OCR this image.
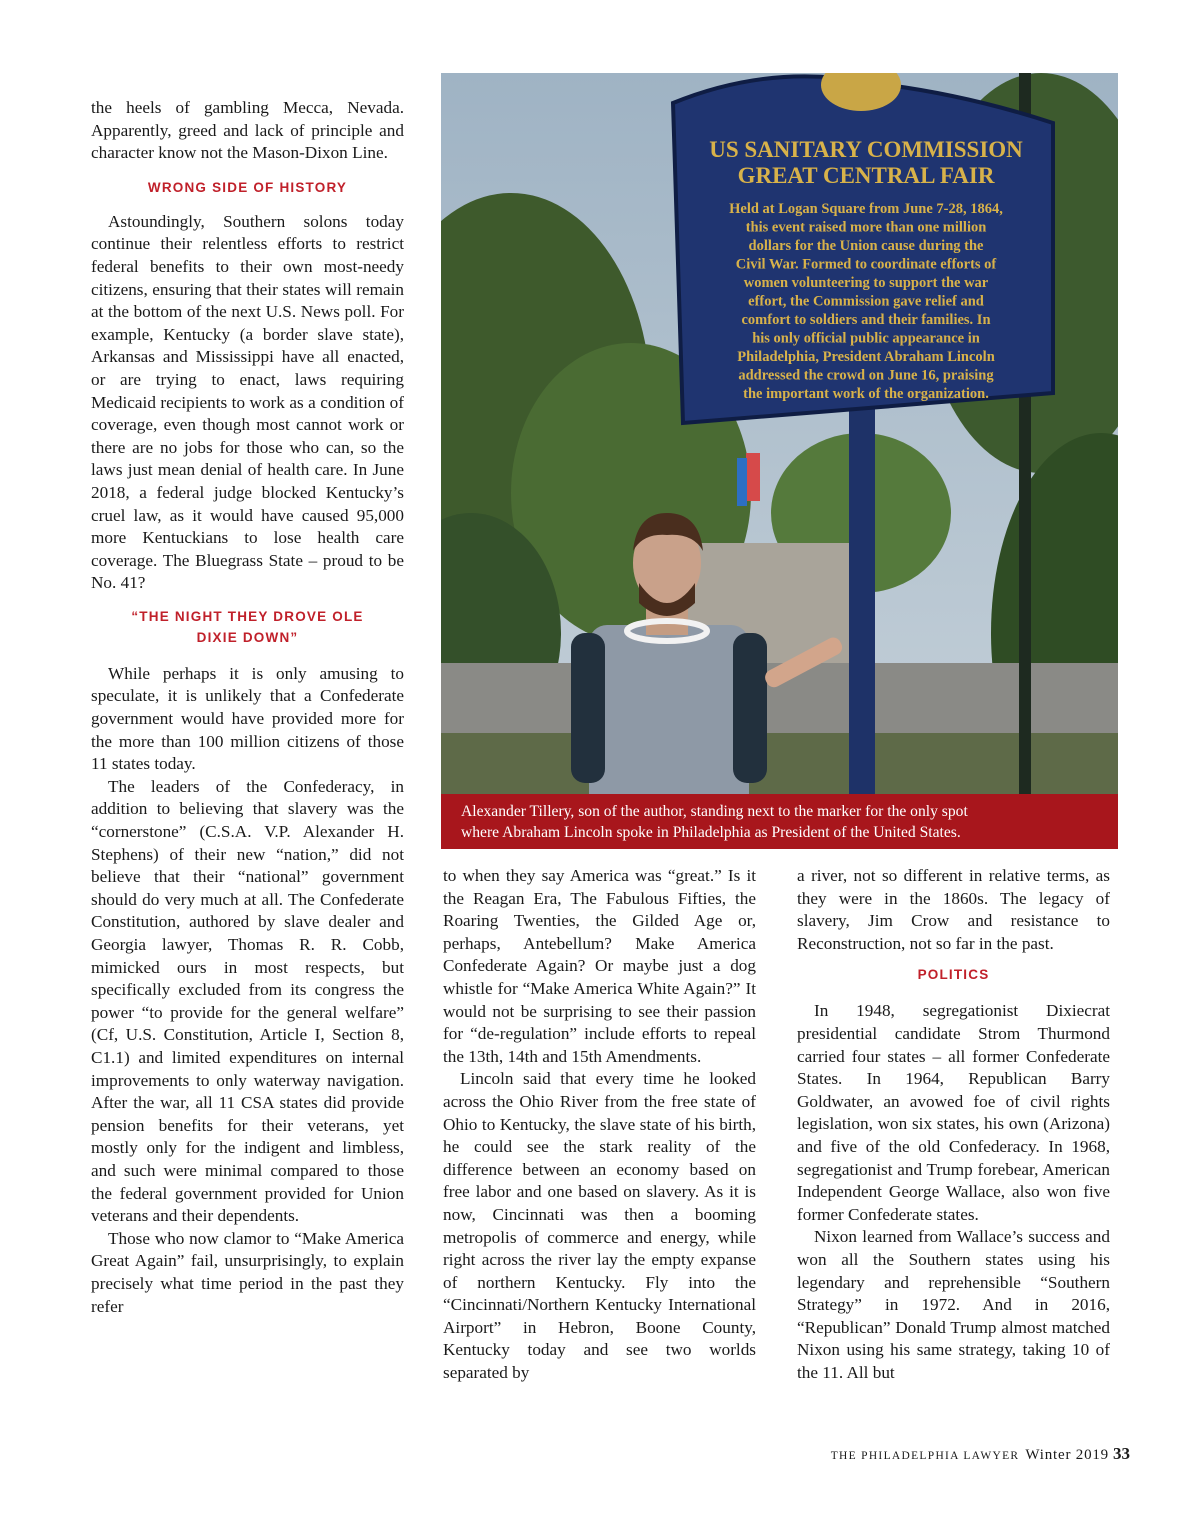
the heels of gambling Mecca, Nevada. Apparently, greed and lack of principle and character know not the Mason-Dixon Line.

WRONG SIDE OF HISTORY

Astoundingly, Southern solons today continue their relentless efforts to restrict federal benefits to their own most-needy citizens, ensuring that their states will remain at the bottom of the next U.S. News poll. For example, Kentucky (a border slave state), Arkansas and Mississippi have all enacted, or are trying to enact, laws requiring Medicaid recipients to work as a condition of coverage, even though most cannot work or there are no jobs for those who can, so the laws just mean denial of health care. In June 2018, a federal judge blocked Kentucky’s cruel law, as it would have caused 95,000 more Kentuckians to lose health care coverage. The Bluegrass State – proud to be No. 41?

“THE NIGHT THEY DROVE OLE DIXIE DOWN”

While perhaps it is only amusing to speculate, it is unlikely that a Confederate government would have provided more for the more than 100 million citizens of those 11 states today.

The leaders of the Confederacy, in addition to believing that slavery was the “cornerstone” (C.S.A. V.P. Alexander H. Stephens) of their new “nation,” did not believe that their “national” government should do very much at all. The Confederate Constitution, authored by slave dealer and Georgia lawyer, Thomas R. R. Cobb, mimicked ours in most respects, but specifically excluded from its congress the power “to provide for the general welfare” (Cf, U.S. Constitution, Article I, Section 8, C1.1) and limited expenditures on internal improvements to only waterway navigation. After the war, all 11 CSA states did provide pension benefits for their veterans, yet mostly only for the indigent and limbless, and such were minimal compared to those the federal government provided for Union veterans and their dependents.

Those who now clamor to “Make America Great Again” fail, unsurprisingly, to explain precisely what time period in the past they refer

US SANITARY COMMISSION
GREAT CENTRAL FAIR
Held at Logan Square from June 7-28, 1864,
this event raised more than one million
dollars for the Union cause during the
Civil War. Formed to coordinate efforts of
women volunteering to support the war
effort, the Commission gave relief and
comfort to soldiers and their families. In
his only official public appearance in
Philadelphia, President Abraham Lincoln
addressed the crowd on June 16, praising
the important work of the organization.
Alexander Tillery, son of the author, standing next to the marker for the only spot
where Abraham Lincoln spoke in Philadelphia as President of the United States.

to when they say America was “great.” Is it the Reagan Era, The Fabulous Fifties, the Roaring Twenties, the Gilded Age or, perhaps, Antebellum? Make America Confederate Again? Or maybe just a dog whistle for “Make America White Again?” It would not be surprising to see their passion for “de-regulation” include efforts to repeal the 13th, 14th and 15th Amendments.

Lincoln said that every time he looked across the Ohio River from the free state of Ohio to Kentucky, the slave state of his birth, he could see the stark reality of the difference between an economy based on free labor and one based on slavery. As it is now, Cincinnati was then a booming metropolis of commerce and energy, while right across the river lay the empty expanse of northern Kentucky. Fly into the “Cincinnati/Northern Kentucky International Airport” in Hebron, Boone County, Kentucky today and see two worlds separated by

a river, not so different in relative terms, as they were in the 1860s. The legacy of slavery, Jim Crow and resistance to Reconstruction, not so far in the past.

POLITICS

In 1948, segregationist Dixiecrat presidential candidate Strom Thurmond carried four states – all former Confederate States. In 1964, Republican Barry Goldwater, an avowed foe of civil rights legislation, won six states, his own (Arizona) and five of the old Confederacy. In 1968, segregationist and Trump forebear, American Independent George Wallace, also won five former Confederate states.

Nixon learned from Wallace’s success and won all the Southern states using his legendary and reprehensible “Southern Strategy” in 1972. And in 2016, “Republican” Donald Trump almost matched Nixon using his same strategy, taking 10 of the 11. All but

THE PHILADELPHIA LAWYER Winter 2019 33
